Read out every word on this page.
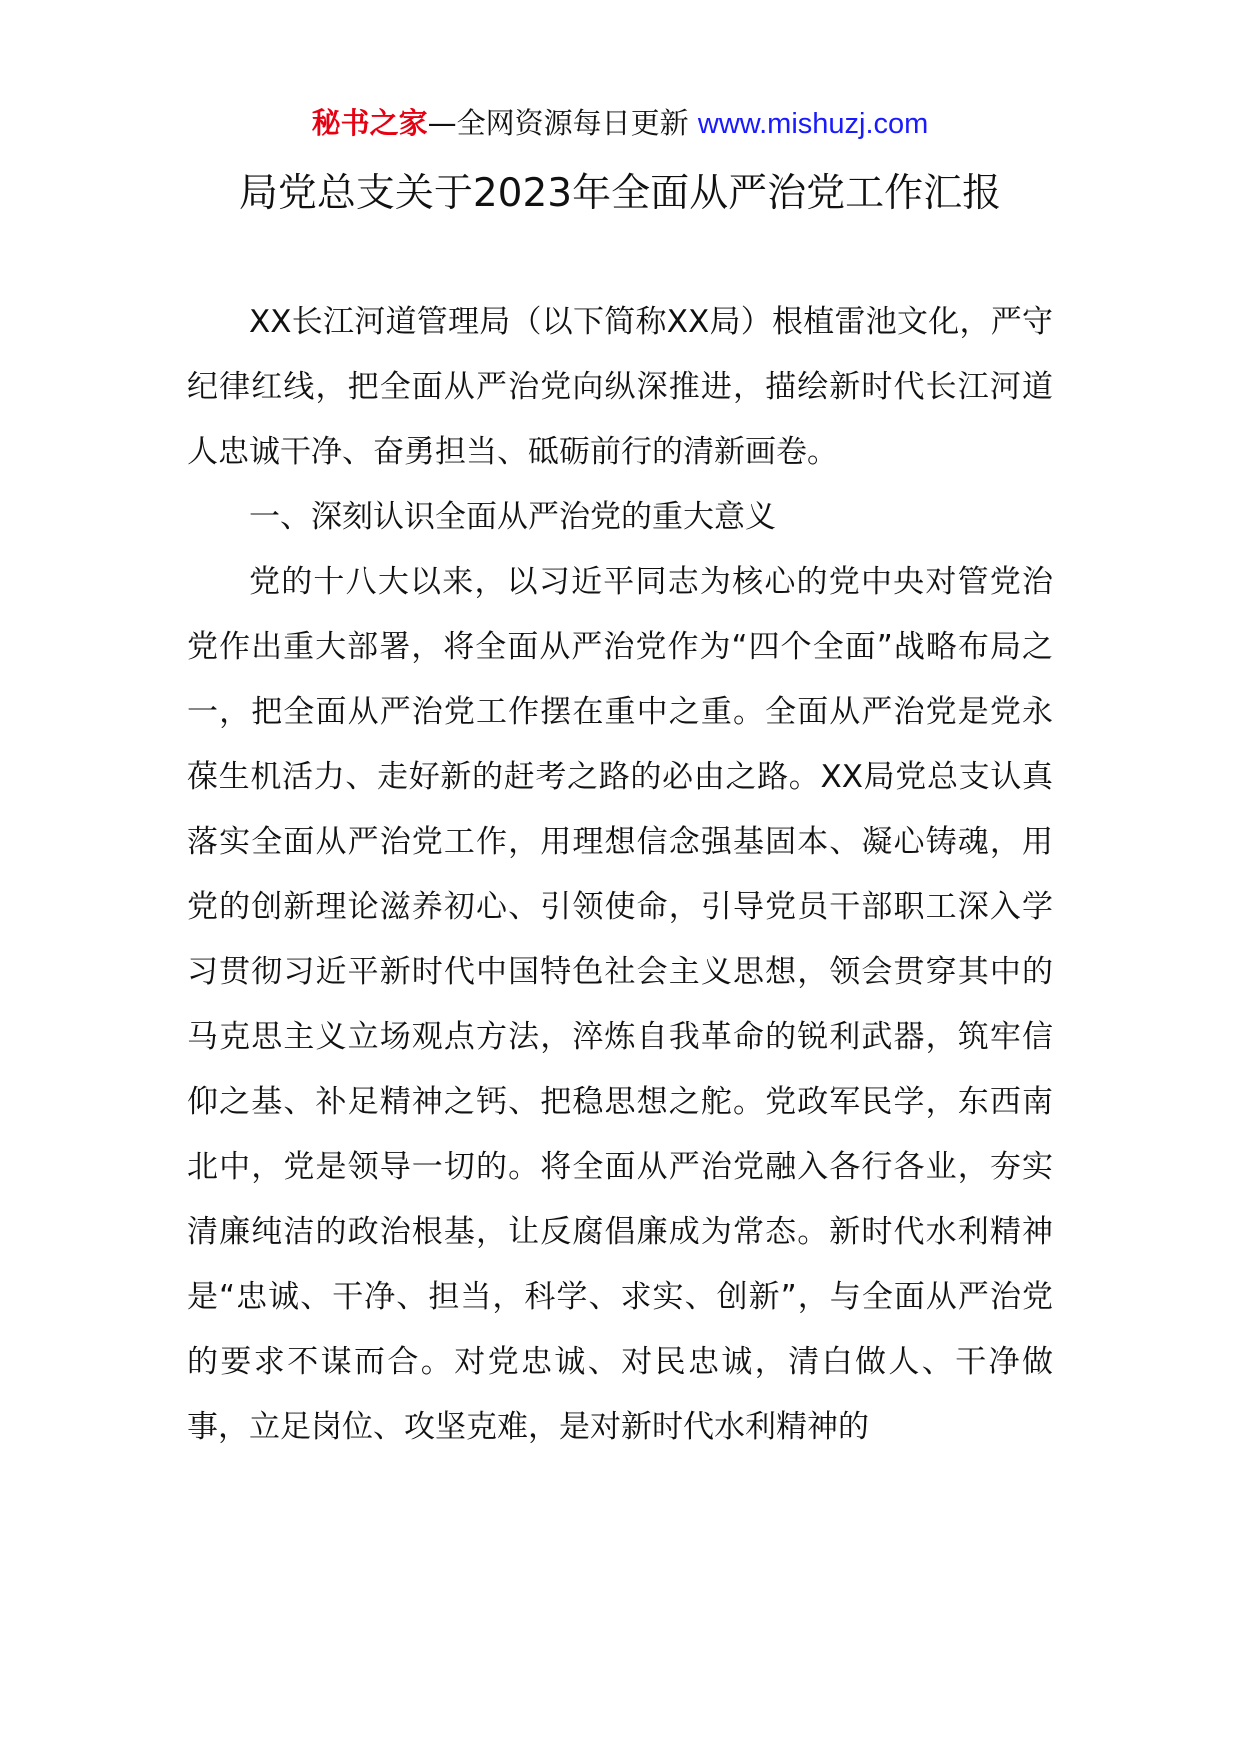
秘书之家—全网资源每日更新 www.mishuzj.com
局党总支关于2023年全面从严治党工作汇报

XX长江河道管理局（以下简称XX局）根植雷池文化，严守纪律红线，把全面从严治党向纵深推进，描绘新时代长江河道人忠诚干净、奋勇担当、砥砺前行的清新画卷。

一、深刻认识全面从严治党的重大意义

党的十八大以来，以习近平同志为核心的党中央对管党治党作出重大部署，将全面从严治党作为“四个全面”战略布局之一，把全面从严治党工作摆在重中之重。全面从严治党是党永葆生机活力、走好新的赶考之路的必由之路。XX局党总支认真落实全面从严治党工作，用理想信念强基固本、凝心铸魂，用党的创新理论滋养初心、引领使命，引导党员干部职工深入学习贯彻习近平新时代中国特色社会主义思想，领会贯穿其中的马克思主义立场观点方法，淬炼自我革命的锐利武器，筑牢信仰之基、补足精神之钙、把稳思想之舵。党政军民学，东西南北中，党是领导一切的。将全面从严治党融入各行各业，夯实清廉纯洁的政治根基，让反腐倡廉成为常态。新时代水利精神是“忠诚、干净、担当，科学、求实、创新”，与全面从严治党的要求不谋而合。对党忠诚、对民忠诚，清白做人、干净做事，立足岗位、攻坚克难，是对新时代水利精神的
